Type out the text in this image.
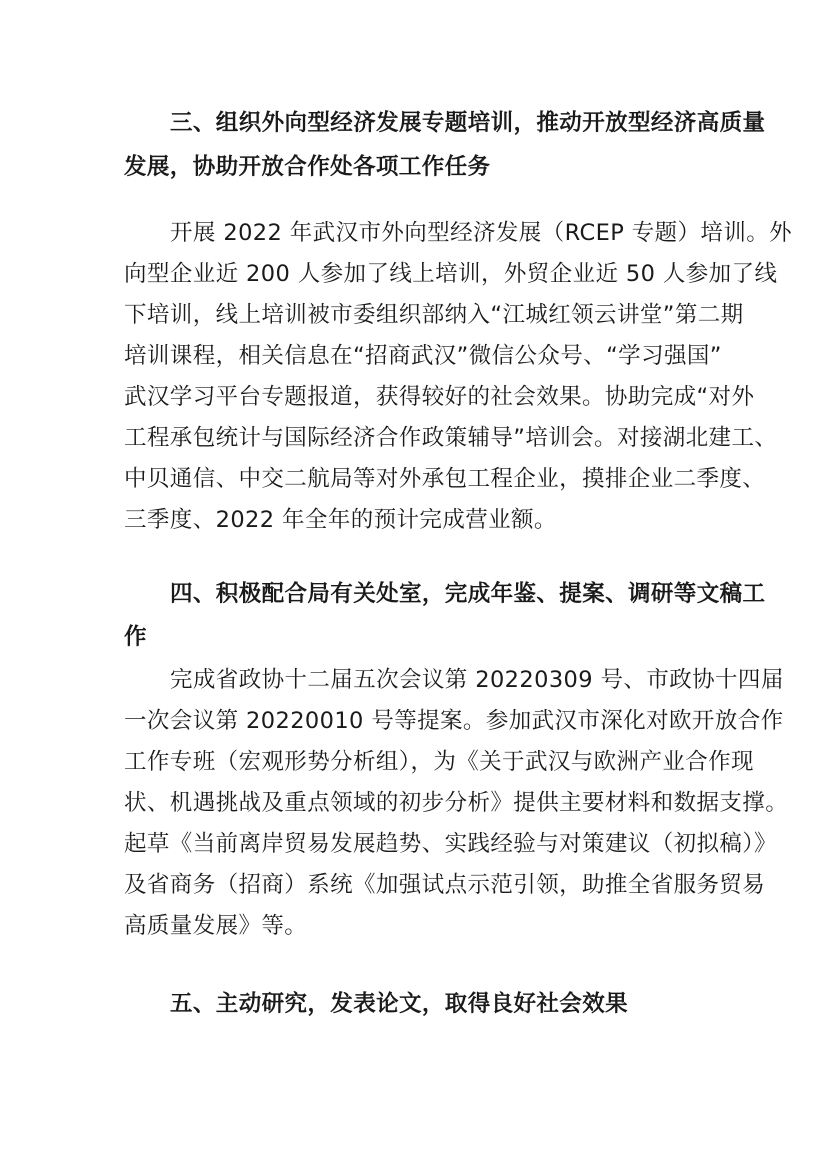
三、组织外向型经济发展专题培训，推动开放型经济高质量
发展，协助开放合作处各项工作任务
开展 2022 年武汉市外向型经济发展（RCEP 专题）培训。外
向型企业近 200 人参加了线上培训，外贸企业近 50 人参加了线
下培训，线上培训被市委组织部纳入“江城红领云讲堂”第二期
培训课程，相关信息在“招商武汉”微信公众号、“学习强国”
武汉学习平台专题报道，获得较好的社会效果。协助完成“对外
工程承包统计与国际经济合作政策辅导”培训会。对接湖北建工、
中贝通信、中交二航局等对外承包工程企业，摸排企业二季度、
三季度、2022 年全年的预计完成营业额。
四、积极配合局有关处室，完成年鉴、提案、调研等文稿工
作
完成省政协十二届五次会议第 20220309 号、市政协十四届
一次会议第 20220010 号等提案。参加武汉市深化对欧开放合作
工作专班（宏观形势分析组），为《关于武汉与欧洲产业合作现
状、机遇挑战及重点领域的初步分析》提供主要材料和数据支撑。
起草《当前离岸贸易发展趋势、实践经验与对策建议（初拟稿）》
及省商务（招商）系统《加强试点示范引领，助推全省服务贸易
高质量发展》等。
五、主动研究，发表论文，取得良好社会效果
